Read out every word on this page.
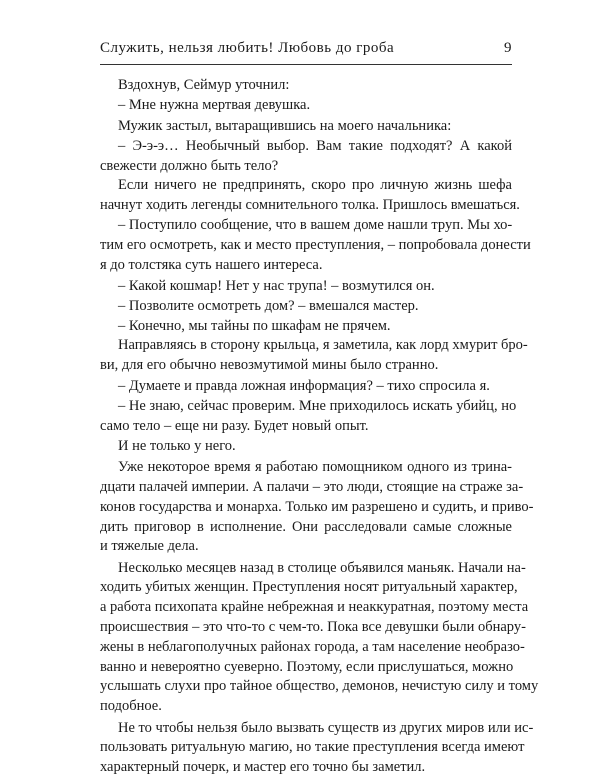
Служить, нельзя любить! Любовь до гроба	9

Вздохнув, Сеймур уточнил:

– Мне нужна мертвая девушка.

Мужик застыл, вытаращившись на моего начальника:

– Э-э-э… Необычный выбор. Вам такие подходят? А какой
свежести должно быть тело?

Если ничего не предпринять, скоро про личную жизнь шефа
начнут ходить легенды сомнительного толка. Пришлось вмешаться.

– Поступило сообщение, что в вашем доме нашли труп. Мы хо-
тим его осмотреть, как и место преступления, – попробовала донести
я до толстяка суть нашего интереса.

– Какой кошмар! Нет у нас трупа! – возмутился он.

– Позволите осмотреть дом? – вмешался мастер.

– Конечно, мы тайны по шкафам не прячем.

Направляясь в сторону крыльца, я заметила, как лорд хмурит бро-
ви, для его обычно невозмутимой мины было странно.

– Думаете и правда ложная информация? – тихо спросила я.

– Не знаю, сейчас проверим. Мне приходилось искать убийц, но
само тело – еще ни разу. Будет новый опыт.

И не только у него.

Уже некоторое время я работаю помощником одного из трина-
дцати палачей империи. А палачи – это люди, стоящие на страже за-
конов государства и монарха. Только им разрешено и судить, и приво-
дить приговор в исполнение. Они расследовали самые сложные
и тяжелые дела.

Несколько месяцев назад в столице объявился маньяк. Начали на-
ходить убитых женщин. Преступления носят ритуальный характер,
а работа психопата крайне небрежная и неаккуратная, поэтому места
происшествия – это что-то с чем-то. Пока все девушки были обнару-
жены в неблагополучных районах города, а там население необразо-
ванно и невероятно суеверно. Поэтому, если прислушаться, можно
услышать слухи про тайное общество, демонов, нечистую силу и тому
подобное.

Не то чтобы нельзя было вызвать существ из других миров или ис-
пользовать ритуальную магию, но такие преступления всегда имеют
характерный почерк, и мастер его точно бы заметил.
